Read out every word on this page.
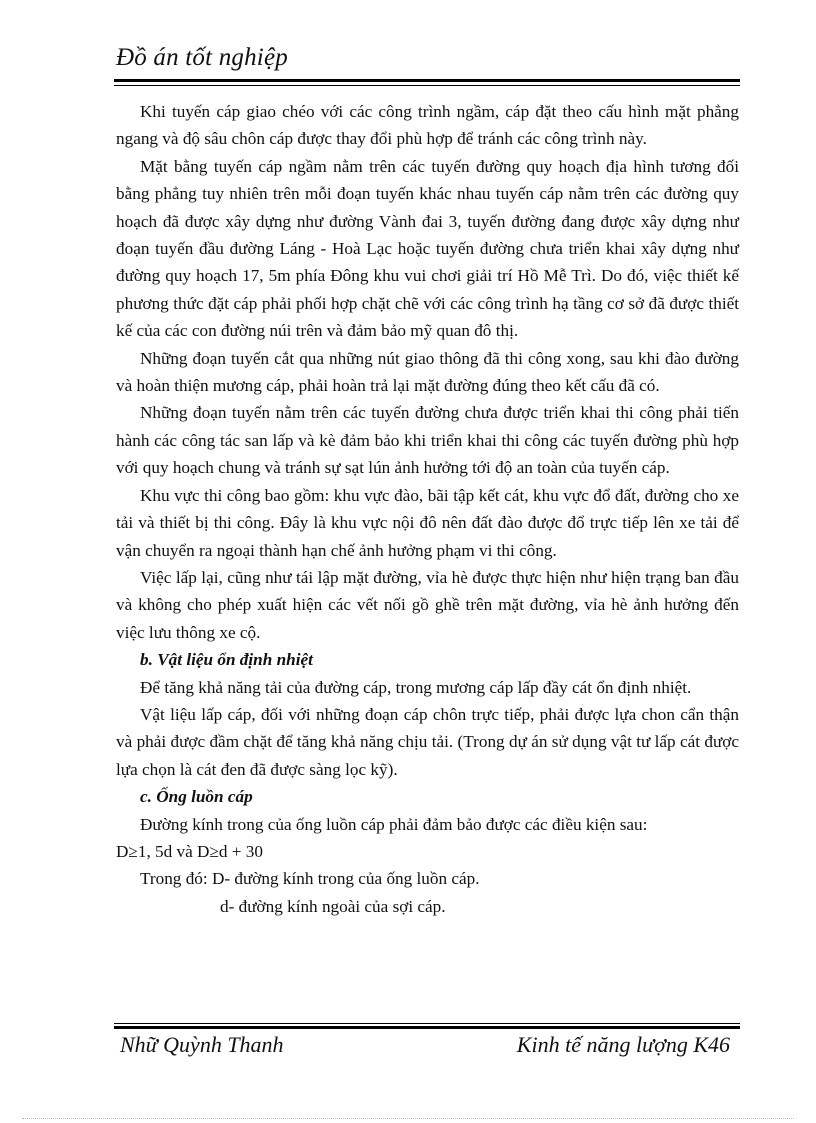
Đồ án tốt nghiệp

Khi tuyến cáp giao chéo với các công trình ngầm, cáp đặt theo cấu hình mặt phẳng ngang và độ sâu chôn cáp được thay đổi phù hợp để tránh các công trình này.

Mặt bằng tuyến cáp ngầm nằm trên các tuyến đường quy hoạch địa hình tương đối bằng phẳng tuy nhiên trên mỗi đoạn tuyến khác nhau tuyến cáp nằm trên các đường quy hoạch đã được xây dựng như đường Vành đai 3, tuyến đường đang được xây dựng như đoạn tuyến đầu đường Láng - Hoà Lạc hoặc tuyến đường chưa triển khai xây dựng như đường quy hoạch 17, 5m phía Đông khu vui chơi giải trí Hồ Mễ Trì. Do đó, việc thiết kế phương thức đặt cáp phải phối hợp chặt chẽ với các công trình hạ tầng cơ sở đã được thiết kế của các con đường núi trên và đảm bảo mỹ quan đô thị.

Những đoạn tuyến cắt qua những nút giao thông đã thi công xong, sau khi đào đường và hoàn thiện mương cáp, phải hoàn trả lại mặt đường đúng theo kết cấu đã có.

Những đoạn tuyến nằm trên các tuyến đường chưa được triển khai thi công phải tiến hành các công tác san lấp và kè đảm bảo khi triển khai thi công các tuyến đường phù hợp với quy hoạch chung và tránh sự sạt lún ảnh hưởng tới độ an toàn của tuyến cáp.

Khu vực thi công bao gồm: khu vực đào, bãi tập kết cát, khu vực đổ đất, đường cho xe tải và thiết bị thi công. Đây là khu vực nội đô nên đất đào được đổ trực tiếp lên xe tải để vận chuyển ra ngoại thành hạn chế ảnh hưởng phạm vi thi công.

Việc lấp lại, cũng như tái lập mặt đường, vỉa hè được thực hiện như hiện trạng ban đầu và không cho phép xuất hiện các vết nối gồ ghề trên mặt đường, vỉa hè ảnh hưởng đến việc lưu thông xe cộ.

b. Vật liệu ổn định nhiệt

Để tăng khả năng tải của đường cáp, trong mương cáp lấp đầy cát ổn định nhiệt.

Vật liệu lấp cáp, đối với những đoạn cáp chôn trực tiếp, phải được lựa chon cẩn thận và phải được đầm chặt để tăng khả năng chịu tải. (Trong dự án sử dụng vật tư lấp cát được lựa chọn là cát đen đã được sàng lọc kỹ).

c. Ống luồn cáp

Đường kính trong của ống luồn cáp phải đảm bảo được các điều kiện sau:

D≥1, 5d và D≥d + 30

Trong đó: D- đường kính trong của ống luồn cáp.

d- đường kính ngoài của sợi cáp.

Nhữ Quỳnh Thanh	Kinh tế năng lượng K46
